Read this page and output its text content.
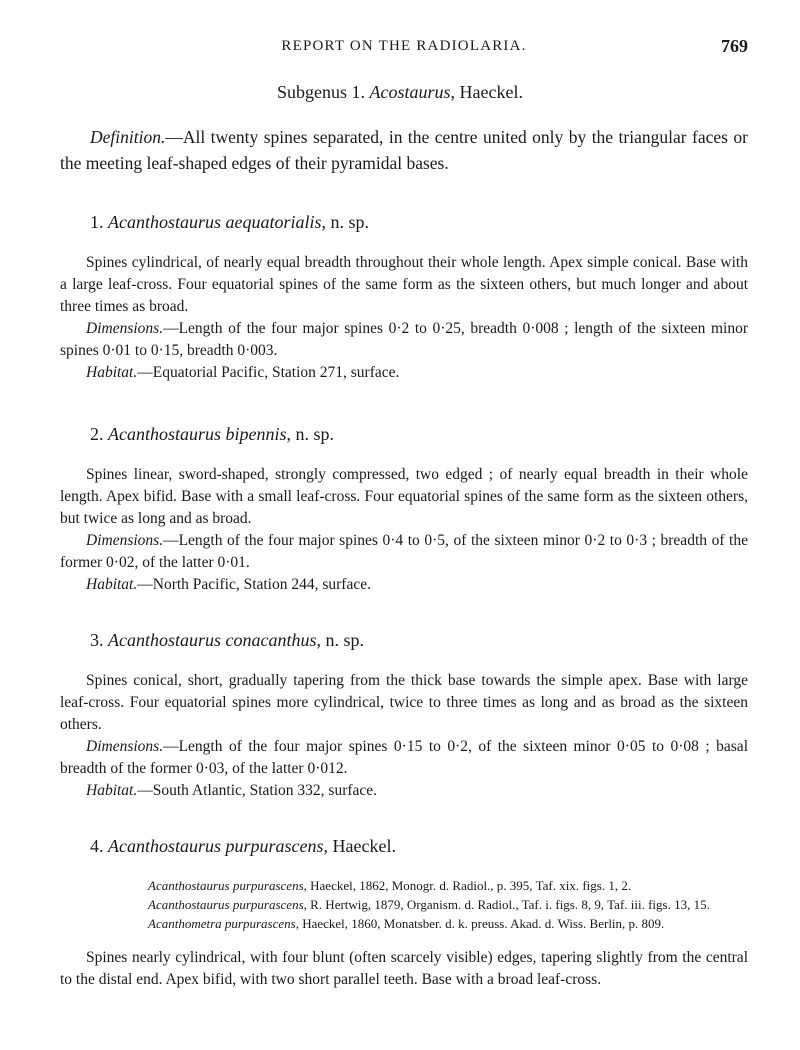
REPORT ON THE RADIOLARIA.	769
Subgenus 1. Acostaurus, Haeckel.
Definition.—All twenty spines separated, in the centre united only by the triangular faces or the meeting leaf-shaped edges of their pyramidal bases.
1. Acanthostaurus aequatorialis, n. sp.
Spines cylindrical, of nearly equal breadth throughout their whole length. Apex simple conical. Base with a large leaf-cross. Four equatorial spines of the same form as the sixteen others, but much longer and about three times as broad.
Dimensions.—Length of the four major spines 0·2 to 0·25, breadth 0·008 ; length of the sixteen minor spines 0·01 to 0·15, breadth 0·003.
Habitat.—Equatorial Pacific, Station 271, surface.
2. Acanthostaurus bipennis, n. sp.
Spines linear, sword-shaped, strongly compressed, two edged ; of nearly equal breadth in their whole length. Apex bifid. Base with a small leaf-cross. Four equatorial spines of the same form as the sixteen others, but twice as long and as broad.
Dimensions.—Length of the four major spines 0·4 to 0·5, of the sixteen minor 0·2 to 0·3 ; breadth of the former 0·02, of the latter 0·01.
Habitat.—North Pacific, Station 244, surface.
3. Acanthostaurus conacanthus, n. sp.
Spines conical, short, gradually tapering from the thick base towards the simple apex. Base with large leaf-cross. Four equatorial spines more cylindrical, twice to three times as long and as broad as the sixteen others.
Dimensions.—Length of the four major spines 0·15 to 0·2, of the sixteen minor 0·05 to 0·08 ; basal breadth of the former 0·03, of the latter 0·012.
Habitat.—South Atlantic, Station 332, surface.
4. Acanthostaurus purpurascens, Haeckel.
Acanthostaurus purpurascens, Haeckel, 1862, Monogr. d. Radiol., p. 395, Taf. xix. figs. 1, 2.
Acanthostaurus purpurascens, R. Hertwig, 1879, Organism. d. Radiol., Taf. i. figs. 8, 9, Taf. iii. figs. 13, 15.
Acanthometra purpurascens, Haeckel, 1860, Monatsber. d. k. preuss. Akad. d. Wiss. Berlin, p. 809.
Spines nearly cylindrical, with four blunt (often scarcely visible) edges, tapering slightly from the central to the distal end. Apex bifid, with two short parallel teeth. Base with a broad leaf-cross.
